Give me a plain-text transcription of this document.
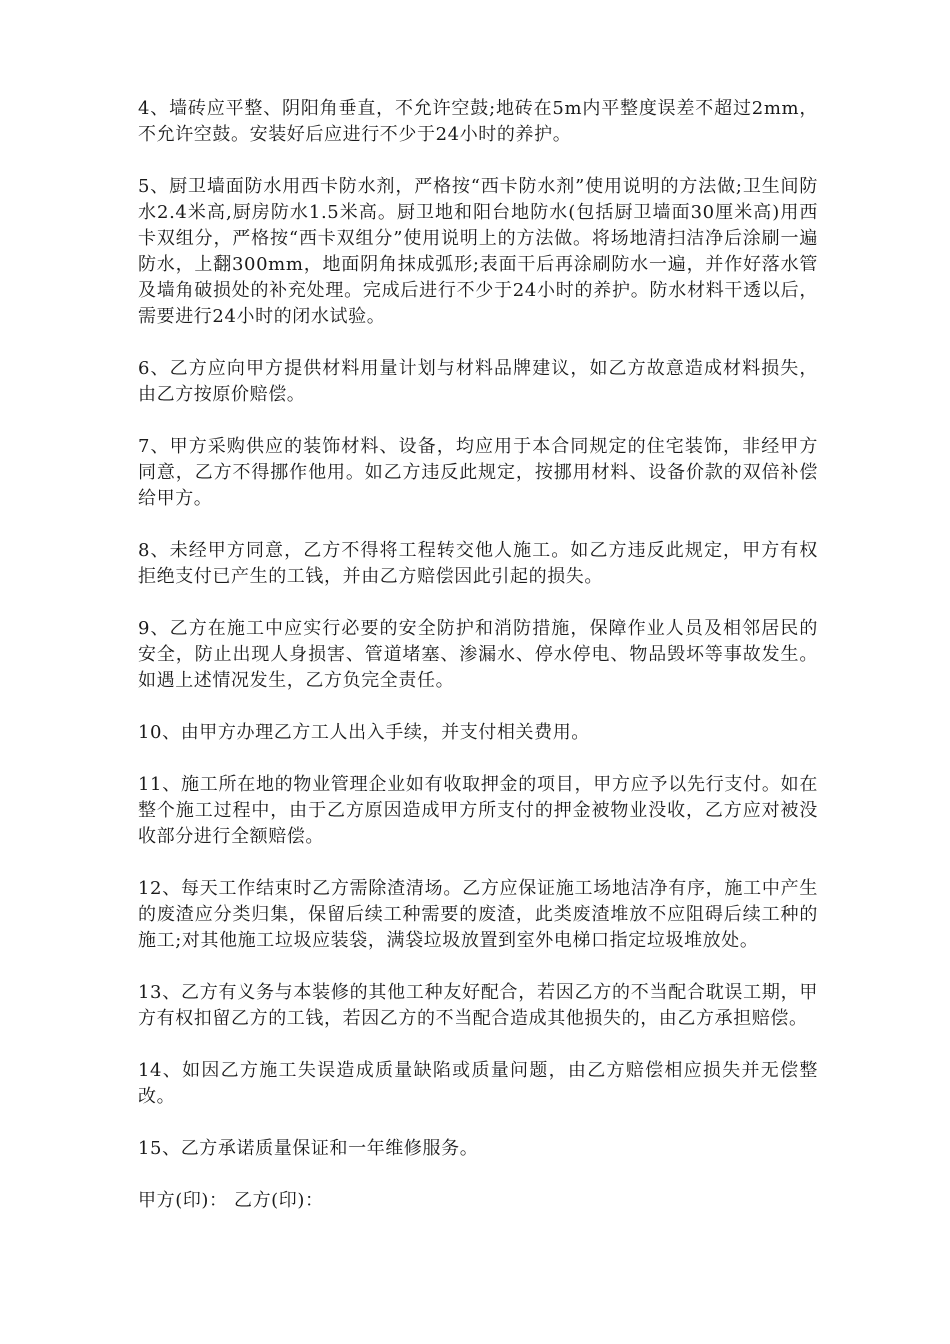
4、墙砖应平整、阴阳角垂直，不允许空鼓;地砖在5m内平整度误差不超过2mm，不允许空鼓。安装好后应进行不少于24小时的养护。

5、厨卫墙面防水用西卡防水剂，严格按“西卡防水剂”使用说明的方法做;卫生间防水2.4米高,厨房防水1.5米高。厨卫地和阳台地防水(包括厨卫墙面30厘米高)用西卡双组分，严格按“西卡双组分”使用说明上的方法做。将场地清扫洁净后涂刷一遍防水，上翻300mm，地面阴角抹成弧形;表面干后再涂刷防水一遍，并作好落水管及墙角破损处的补充处理。完成后进行不少于24小时的养护。防水材料干透以后，需要进行24小时的闭水试验。

6、乙方应向甲方提供材料用量计划与材料品牌建议，如乙方故意造成材料损失，由乙方按原价赔偿。

7、甲方采购供应的装饰材料、设备，均应用于本合同规定的住宅装饰，非经甲方同意，乙方不得挪作他用。如乙方违反此规定，按挪用材料、设备价款的双倍补偿给甲方。

8、未经甲方同意，乙方不得将工程转交他人施工。如乙方违反此规定，甲方有权拒绝支付已产生的工钱，并由乙方赔偿因此引起的损失。

9、乙方在施工中应实行必要的安全防护和消防措施，保障作业人员及相邻居民的安全，防止出现人身损害、管道堵塞、渗漏水、停水停电、物品毁坏等事故发生。如遇上述情况发生，乙方负完全责任。

10、由甲方办理乙方工人出入手续，并支付相关费用。

11、施工所在地的物业管理企业如有收取押金的项目，甲方应予以先行支付。如在整个施工过程中，由于乙方原因造成甲方所支付的押金被物业没收，乙方应对被没收部分进行全额赔偿。

12、每天工作结束时乙方需除渣清场。乙方应保证施工场地洁净有序，施工中产生的废渣应分类归集，保留后续工种需要的废渣，此类废渣堆放不应阻碍后续工种的施工;对其他施工垃圾应装袋，满袋垃圾放置到室外电梯口指定垃圾堆放处。

13、乙方有义务与本装修的其他工种友好配合，若因乙方的不当配合耽误工期，甲方有权扣留乙方的工钱，若因乙方的不当配合造成其他损失的，由乙方承担赔偿。

14、如因乙方施工失误造成质量缺陷或质量问题，由乙方赔偿相应损失并无偿整改。

15、乙方承诺质量保证和一年维修服务。

甲方(印)： 乙方(印)：
